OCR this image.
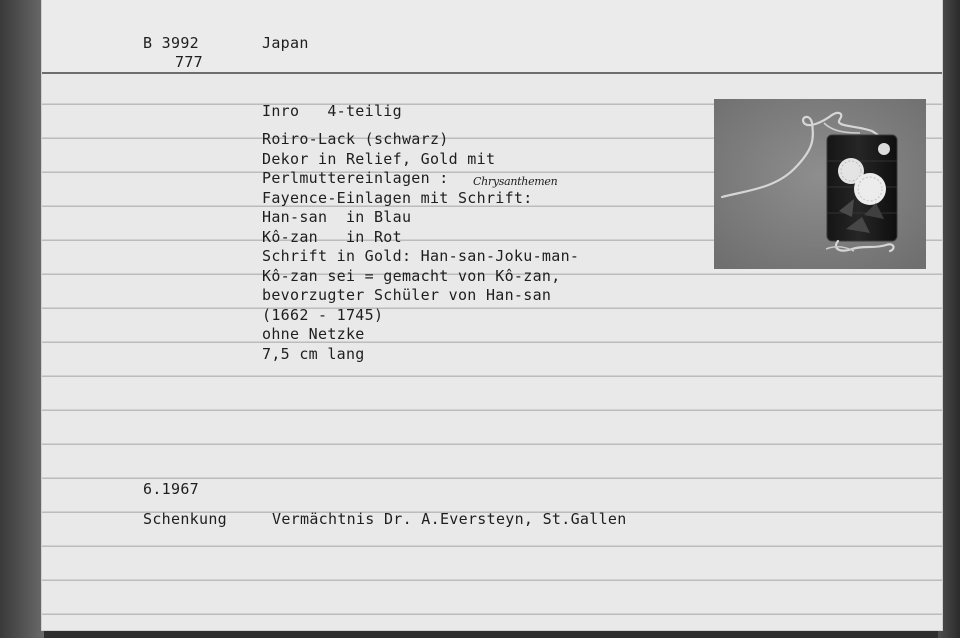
B 3992
777
Japan
Inro   4-teilig
Roiro-Lack (schwarz)
Dekor in Relief, Gold mit
Perlmuttereinlagen : Chrysanthemen
Fayence-Einlagen mit Schrift:
Han-san  in Blau
Kô-zan   in Rot
Schrift in Gold: Han-san-Joku-man-
Kô-zan sei = gemacht von Kô-zan,
bevorzugter Schüler von Han-san
(1662 - 1745)
ohne Netzke
7,5 cm lang
6.1967
Schenkung	Vermächtnis Dr. A.Eversteyn, St.Gallen
